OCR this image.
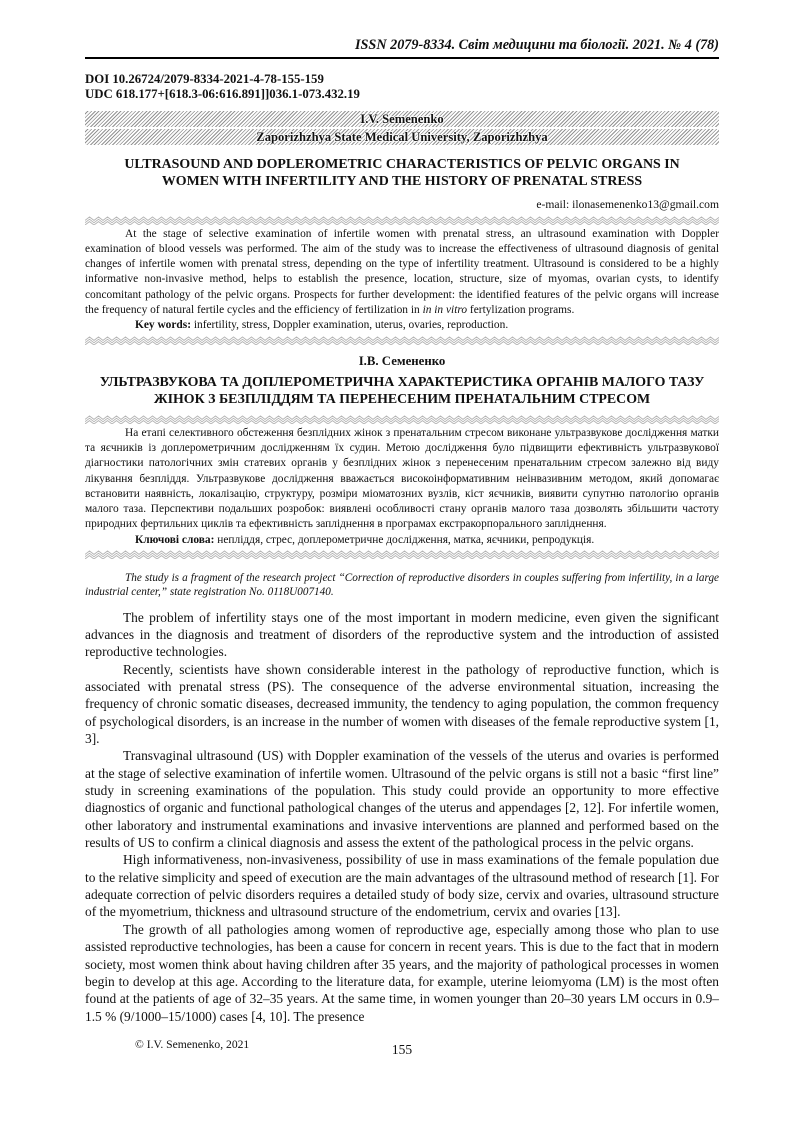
ISSN 2079-8334. Світ медицини та біології. 2021. № 4 (78)
DOI 10.26724/2079-8334-2021-4-78-155-159
UDC 618.177+[618.3-06:616.891]]036.1-073.432.19
I.V. Semenenko
Zaporizhzhya State Medical University, Zaporizhzhya
ULTRASOUND AND DOPLEROMETRIC CHARACTERISTICS OF PELVIC ORGANS IN WOMEN WITH INFERTILITY AND THE HISTORY OF PRENATAL STRESS
e-mail: ilonasemenenko13@gmail.com

At the stage of selective examination of infertile women with prenatal stress, an ultrasound examination with Doppler examination of blood vessels was performed. The aim of the study was to increase the effectiveness of ultrasound diagnosis of genital changes of infertile women with prenatal stress, depending on the type of infertility treatment. Ultrasound is considered to be a highly informative non-invasive method, helps to establish the presence, location, structure, size of myomas, ovarian cysts, to identify concomitant pathology of the pelvic organs. Prospects for further development: the identified features of the pelvic organs will increase the frequency of natural fertile cycles and the efficiency of fertilization in in in vitro fertylization programs.

Key words: infertility, stress, Doppler examination, uterus, ovaries, reproduction.

І.В. Семененко
УЛЬТРАЗВУКОВА ТА ДОПЛЕРОМЕТРИЧНА ХАРАКТЕРИСТИКА ОРГАНІВ МАЛОГО ТАЗУ ЖІНОК З БЕЗПЛІДДЯМ ТА ПЕРЕНЕСЕНИМ ПРЕНАТАЛЬНИМ СТРЕСОМ

На етапі селективного обстеження безплідних жінок з пренатальним стресом виконане ультразвукове дослідження матки та яєчників із доплерометричним дослідженням їх судин. Метою дослідження було підвищити ефективність ультразвукової діагностики патологічних змін статевих органів у безплідних жінок з перенесеним пренатальним стресом залежно від виду лікування безпліддя. Ультразвукове дослідження вважається високоінформативним неінвазивним методом, який допомагає встановити наявність, локалізацію, структуру, розміри міоматозних вузлів, кіст яєчників, виявити супутню патологію органів малого таза. Перспективи подальших розробок: виявлені особливості стану органів малого таза дозволять збільшити частоту природних фертильних циклів та ефективність запліднення в програмах екстракорпорального запліднення.

Ключові слова: непліддя, стрес, доплерометричне дослідження, матка, яєчники, репродукція.

The study is a fragment of the research project “Correction of reproductive disorders in couples suffering from infertility, in a large industrial center,” state registration No. 0118U007140.

The problem of infertility stays one of the most important in modern medicine, even given the significant advances in the diagnosis and treatment of disorders of the reproductive system and the introduction of assisted reproductive technologies.

Recently, scientists have shown considerable interest in the pathology of reproductive function, which is associated with prenatal stress (PS). The consequence of the adverse environmental situation, increasing the frequency of chronic somatic diseases, decreased immunity, the tendency to aging population, the common frequency of psychological disorders, is an increase in the number of women with diseases of the female reproductive system [1, 3].

Transvaginal ultrasound (US) with Doppler examination of the vessels of the uterus and ovaries is performed at the stage of selective examination of infertile women. Ultrasound of the pelvic organs is still not a basic “first line” study in screening examinations of the population. This study could provide an opportunity to more effective diagnostics of organic and functional pathological changes of the uterus and appendages [2, 12]. For infertile women, other laboratory and instrumental examinations and invasive interventions are planned and performed based on the results of US to confirm a clinical diagnosis and assess the extent of the pathological process in the pelvic organs.

High informativeness, non-invasiveness, possibility of use in mass examinations of the female population due to the relative simplicity and speed of execution are the main advantages of the ultrasound method of research [1]. For adequate correction of pelvic disorders requires a detailed study of body size, cervix and ovaries, ultrasound structure of the myometrium, thickness and ultrasound structure of the endometrium, cervix and ovaries [13].

The growth of all pathologies among women of reproductive age, especially among those who plan to use assisted reproductive technologies, has been a cause for concern in recent years. This is due to the fact that in modern society, most women think about having children after 35 years, and the majority of pathological processes in women begin to develop at this age. According to the literature data, for example, uterine leiomyoma (LM) is the most often found at the patients of age of 32–35 years. At the same time, in women younger than 20–30 years LM occurs in 0.9–1.5 % (9/1000–15/1000) cases [4, 10]. The presence

© I.V. Semenenko, 2021	155
